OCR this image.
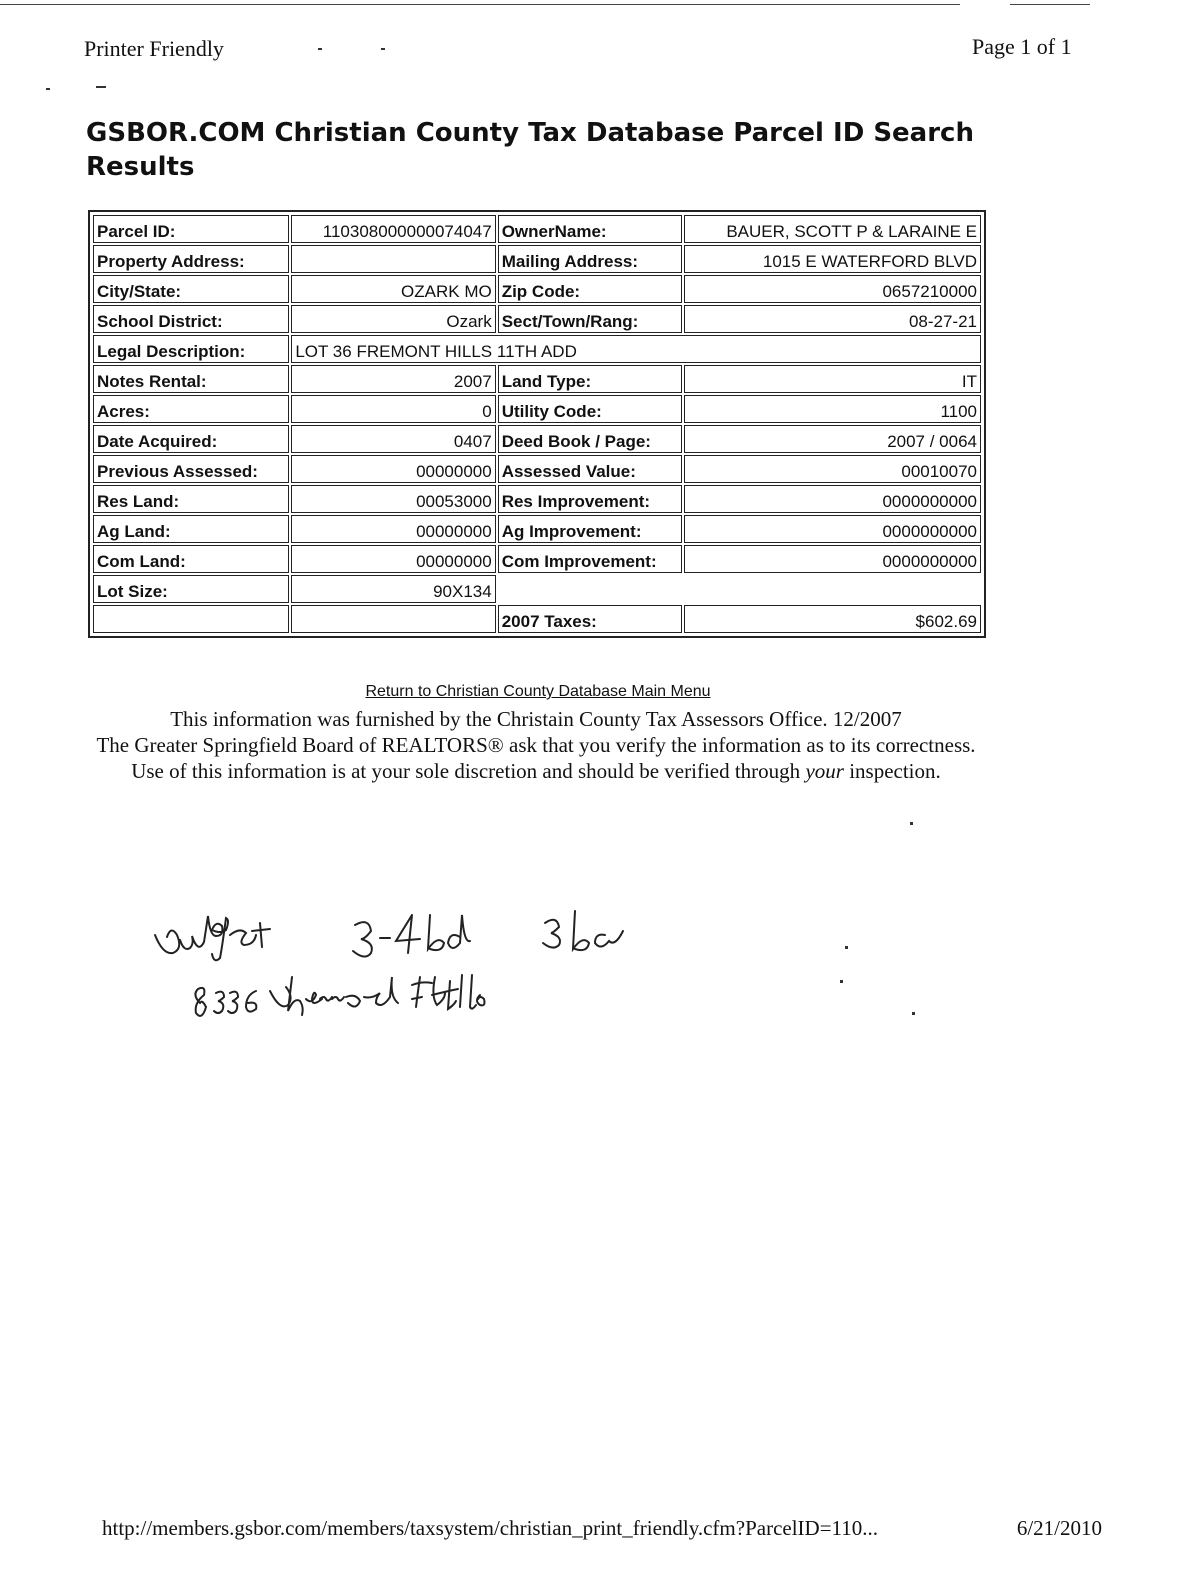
Printer Friendly	Page 1 of 1
GSBOR.COM Christian County Tax Database Parcel ID Search Results
Parcel ID:	110308000000074047	OwnerName:	BAUER, SCOTT P & LARAINE E
Property Address:		Mailing Address:	1015 E WATERFORD BLVD
City/State:	OZARK MO	Zip Code:	0657210000
School District:	Ozark	Sect/Town/Rang:	08-27-21
Legal Description:	LOT 36 FREMONT HILLS 11TH ADD		
Notes Rental:	2007	Land Type:	IT
Acres:	0	Utility Code:	1100
Date Acquired:	0407	Deed Book / Page:	2007 / 0064
Previous Assessed:	00000000	Assessed Value:	00010070
Res Land:	00053000	Res Improvement:	0000000000
Ag Land:	00000000	Ag Improvement:	0000000000
Com Land:	00000000	Com Improvement:	0000000000
Lot Size:	90X134		
		2007 Taxes:	$602.69
Return to Christian County Database Main Menu

This information was furnished by the Christain County Tax Assessors Office. 12/2007

The Greater Springfield Board of REALTORS® ask that you verify the information as to its correctness.

Use of this information is at your sole discretion and should be verified through your inspection.

http://members.gsbor.com/members/taxsystem/christian_print_friendly.cfm?ParcelID=110...	6/21/2010
